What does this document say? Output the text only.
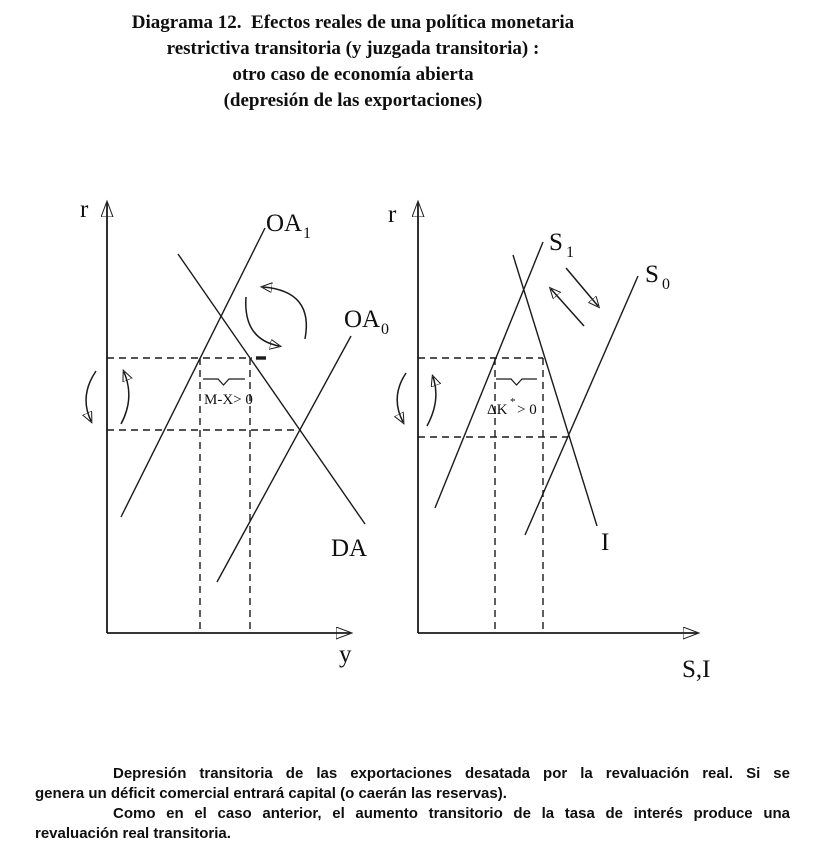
Diagrama 12.  Efectos reales de una política monetaria
restrictiva transitoria (y juzgada transitoria) :
otro caso de economía abierta
(depresión de las exportaciones)
M-X> 0
r
y
OA 1
OA 0
DA
ΔK * > 0
r
S,I
S 1
S 0
I
Depresión transitoria de las exportaciones desatada por la revaluación real. Si se
genera un déficit comercial entrará capital (o caerán las reservas).
Como en el caso anterior, el aumento transitorio de la tasa de interés produce una
revaluación real transitoria.
